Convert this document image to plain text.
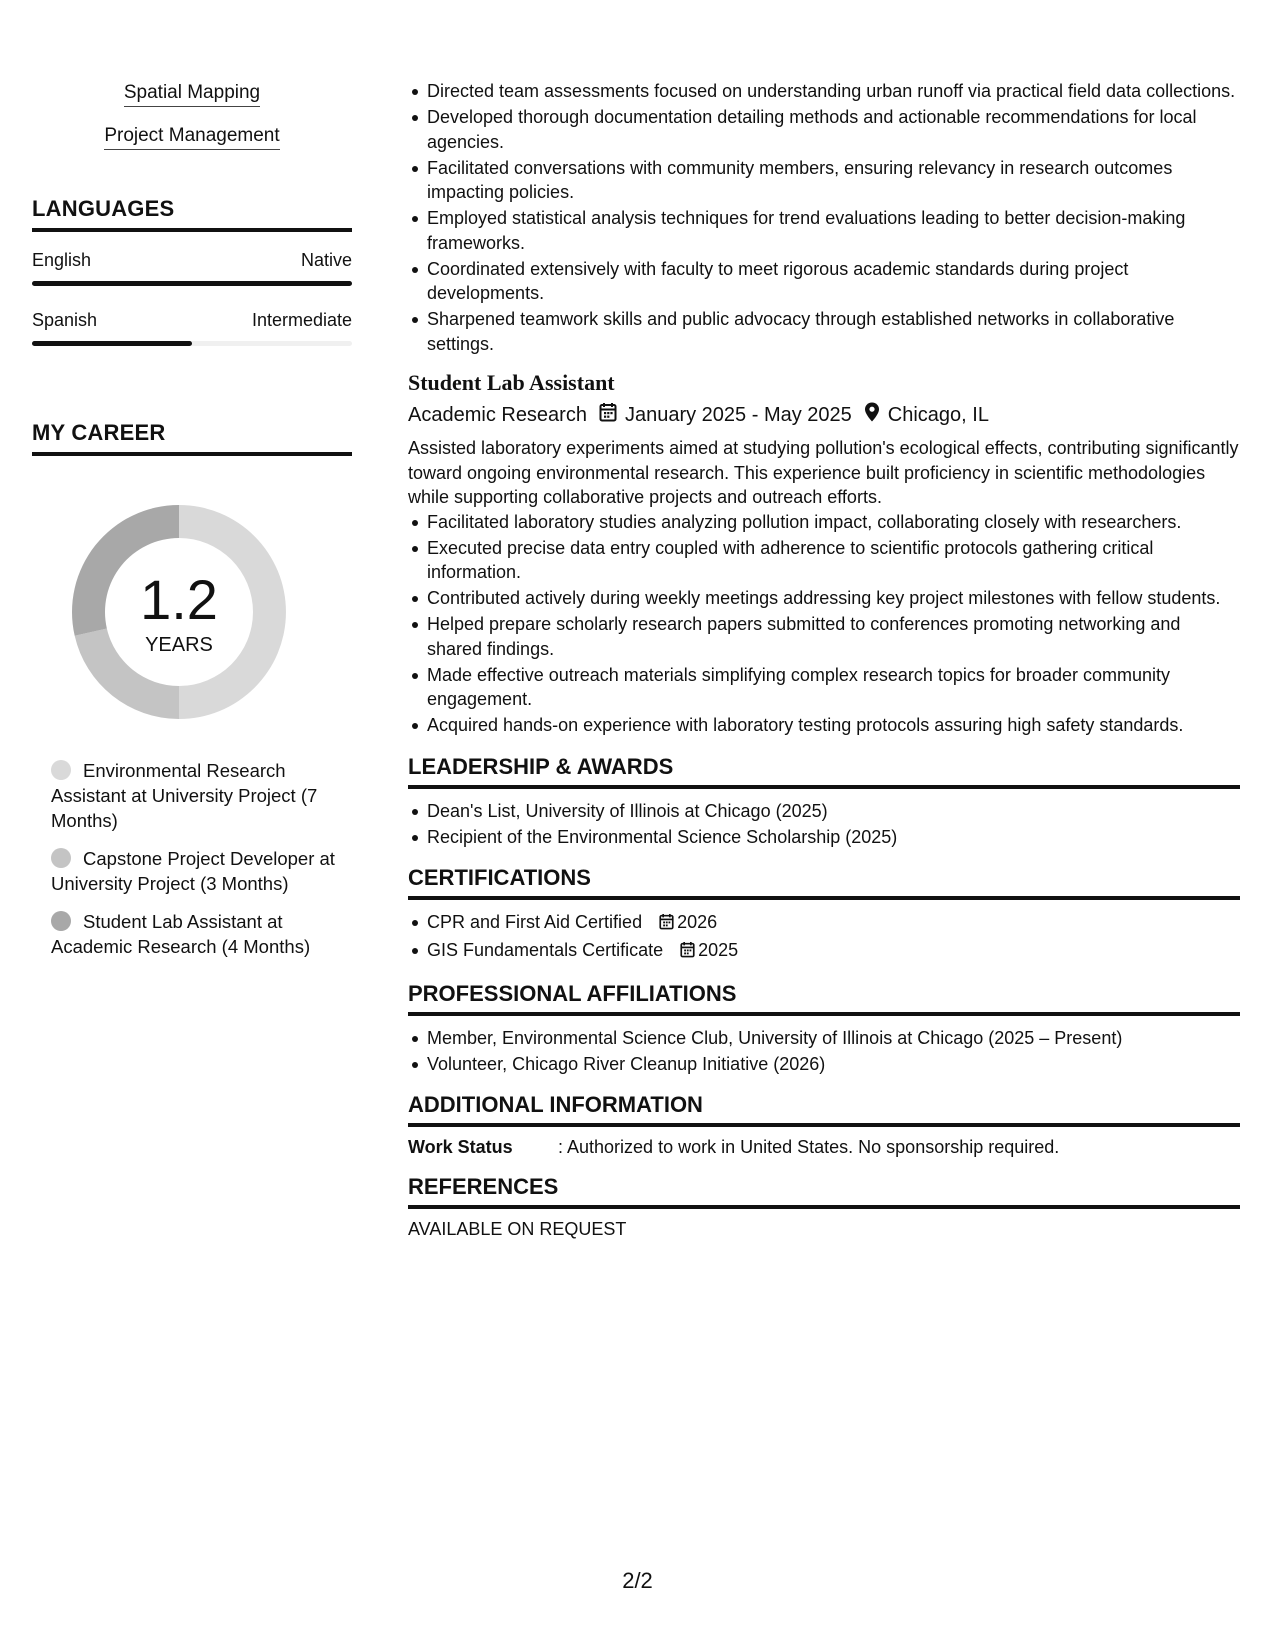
Spatial Mapping
Project Management
LANGUAGES
English	Native
Spanish	Intermediate
MY CAREER
1.2
YEARS
Environmental Research Assistant at University Project (7 Months)
Capstone Project Developer at University Project (3 Months)
Student Lab Assistant at Academic Research (4 Months)
Directed team assessments focused on understanding urban runoff via practical field data collections.
Developed thorough documentation detailing methods and actionable recommendations for local agencies.
Facilitated conversations with community members, ensuring relevancy in research outcomes impacting policies.
Employed statistical analysis techniques for trend evaluations leading to better decision-making frameworks.
Coordinated extensively with faculty to meet rigorous academic standards during project developments.
Sharpened teamwork skills and public advocacy through established networks in collaborative settings.
Student Lab Assistant
Academic Research January 2025 - May 2025 Chicago, IL
Assisted laboratory experiments aimed at studying pollution's ecological effects, contributing significantly toward ongoing environmental research. This experience built proficiency in scientific methodologies while supporting collaborative projects and outreach efforts.
Facilitated laboratory studies analyzing pollution impact, collaborating closely with researchers.
Executed precise data entry coupled with adherence to scientific protocols gathering critical information.
Contributed actively during weekly meetings addressing key project milestones with fellow students.
Helped prepare scholarly research papers submitted to conferences promoting networking and shared findings.
Made effective outreach materials simplifying complex research topics for broader community engagement.
Acquired hands-on experience with laboratory testing protocols assuring high safety standards.
LEADERSHIP & AWARDS
Dean's List, University of Illinois at Chicago (2025)
Recipient of the Environmental Science Scholarship (2025)
CERTIFICATIONS
CPR and First Aid Certified 2026
GIS Fundamentals Certificate 2025
PROFESSIONAL AFFILIATIONS
Member, Environmental Science Club, University of Illinois at Chicago (2025 – Present)
Volunteer, Chicago River Cleanup Initiative (2026)
ADDITIONAL INFORMATION
Work Status	: Authorized to work in United States. No sponsorship required.
REFERENCES
AVAILABLE ON REQUEST
2/2
